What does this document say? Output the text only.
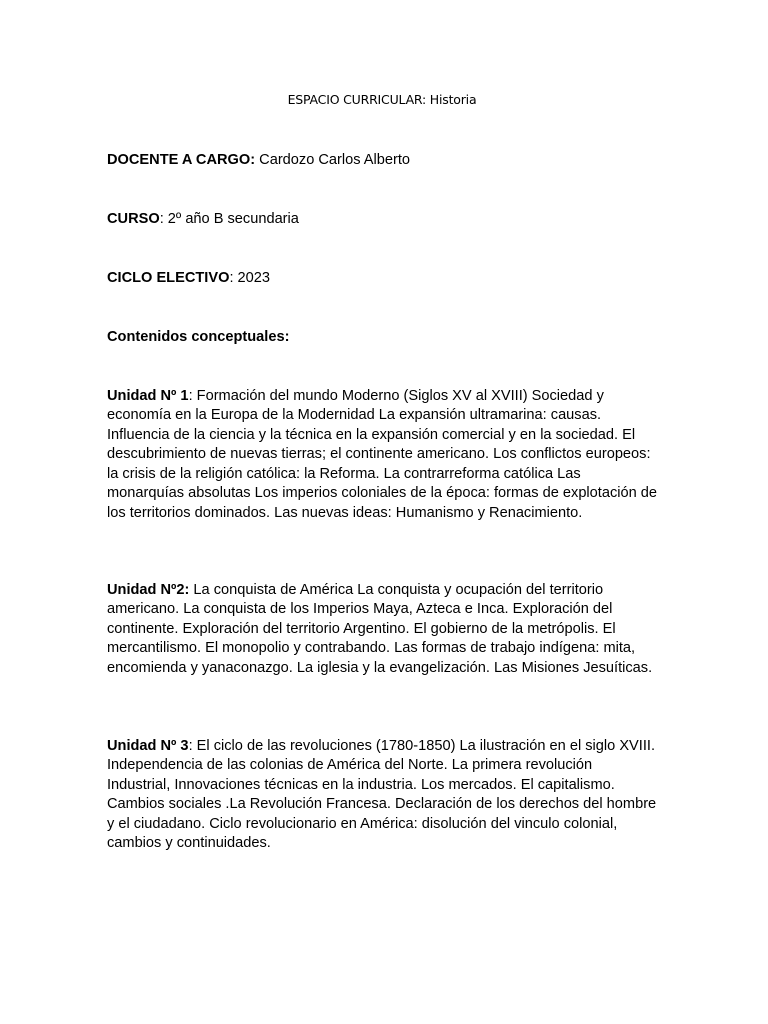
ESPACIO CURRICULAR: Historia
DOCENTE A CARGO: Cardozo Carlos Alberto
CURSO: 2º año B secundaria
CICLO ELECTIVO: 2023
Contenidos conceptuales:
Unidad Nº 1: Formación del mundo Moderno (Siglos XV al XVIII) Sociedad y economía en la Europa de la Modernidad La expansión ultramarina: causas. Influencia de la ciencia y la técnica en la expansión comercial y en la sociedad. El descubrimiento de nuevas tierras; el continente americano. Los conflictos europeos: la crisis de la religión católica: la Reforma. La contrarreforma católica Las monarquías absolutas Los imperios coloniales de la época: formas de explotación de los territorios dominados. Las nuevas ideas: Humanismo y Renacimiento.
Unidad Nº2: La conquista de América La conquista y ocupación del territorio americano. La conquista de los Imperios Maya, Azteca e Inca. Exploración del continente. Exploración del territorio Argentino. El gobierno de la metrópolis. El mercantilismo. El monopolio y contrabando. Las formas de trabajo indígena: mita, encomienda y yanaconazgo. La iglesia y la evangelización. Las Misiones Jesuíticas.
Unidad Nº 3: El ciclo de las revoluciones (1780-1850) La ilustración en el siglo XVIII. Independencia de las colonias de América del Norte. La primera revolución Industrial, Innovaciones técnicas en la industria. Los mercados. El capitalismo. Cambios sociales .La Revolución Francesa. Declaración de los derechos del hombre y el ciudadano. Ciclo revolucionario en América: disolución del vinculo colonial, cambios y continuidades.
